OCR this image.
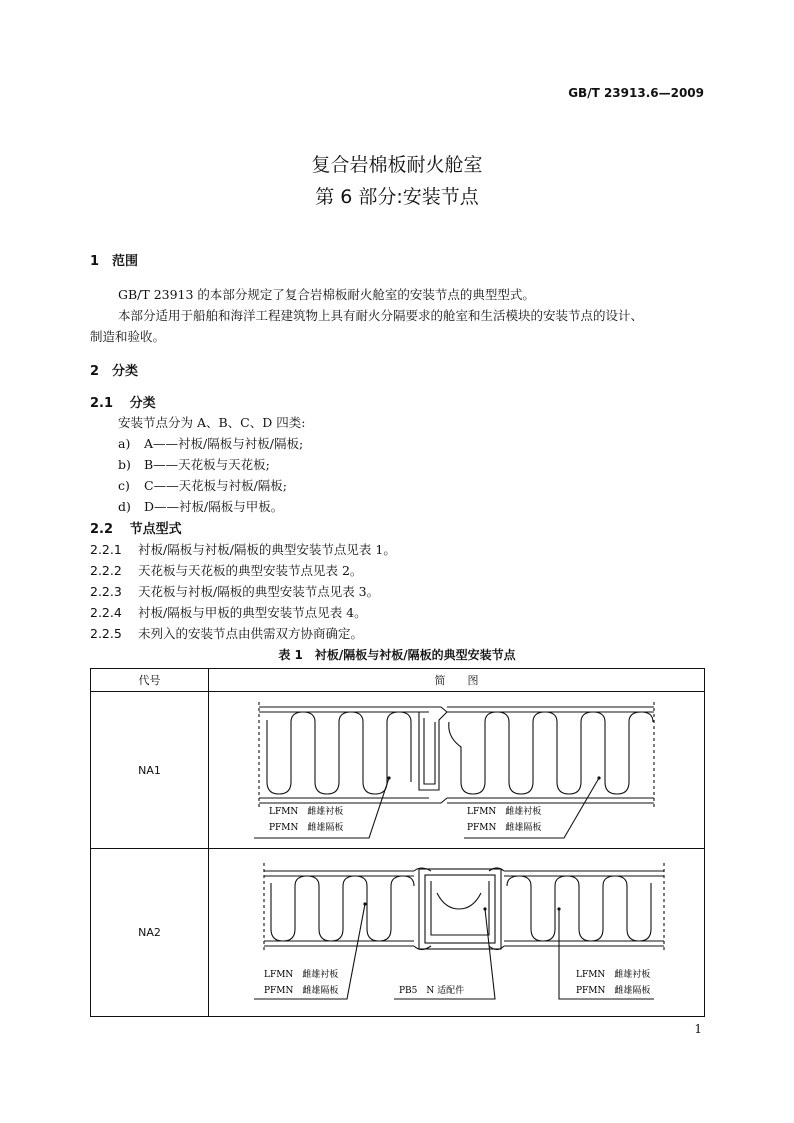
GB/T 23913.6—2009
复合岩棉板耐火舱室
第 6 部分:安装节点
1　范围
GB/T 23913 的本部分规定了复合岩棉板耐火舱室的安装节点的典型型式。
本部分适用于船舶和海洋工程建筑物上具有耐火分隔要求的舱室和生活模块的安装节点的设计、
制造和验收。
2　分类
2.1 分类
安装节点分为 A、B、C、D 四类:
a) A——衬板/隔板与衬板/隔板;
b) B——天花板与天花板;
c) C——天花板与衬板/隔板;
d) D——衬板/隔板与甲板。
2.2 节点型式
2.2.1 衬板/隔板与衬板/隔板的典型安装节点见表 1。
2.2.2 天花板与天花板的典型安装节点见表 2。
2.2.3 天花板与衬板/隔板的典型安装节点见表 3。
2.2.4 衬板/隔板与甲板的典型安装节点见表 4。
2.2.5 未列入的安装节点由供需双方协商确定。
表 1　衬板/隔板与衬板/隔板的典型安装节点
代号	简　　图
NA1	LFMN　雌雄衬板
PFMN　雌雄隔板
LFMN　雌雄衬板
PFMN　雌雄隔板

NA2	LFMN　雌雄衬板
PFMN　雌雄隔板 PB5　N 适配件
LFMN　雌雄衬板
PFMN　雌雄隔板
1
